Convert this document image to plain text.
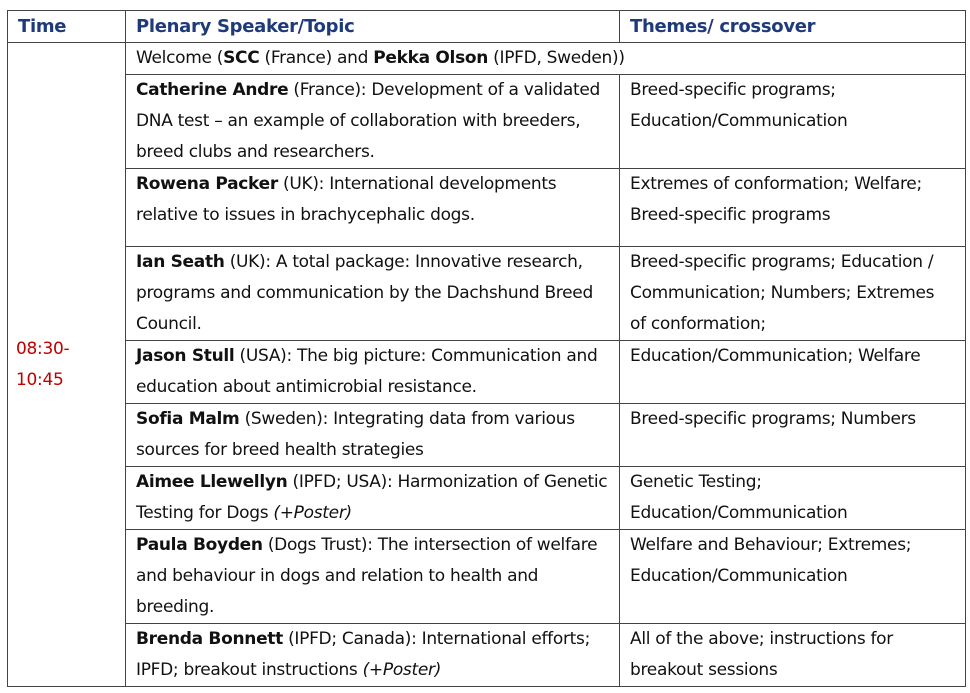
Time	Plenary Speaker/Topic	Themes/ crossover
08:30-
10:45	Welcome (SCC (France) and Pekka Olson (IPFD, Sweden))	
	Catherine Andre (France): Development of a validated DNA test – an example of collaboration with breeders, breed clubs and researchers.	Breed-specific programs; Education/Communication
	Rowena Packer (UK): International developments relative to issues in brachycephalic dogs.	Extremes of conformation; Welfare; Breed-specific programs
	Ian Seath (UK): A total package: Innovative research, programs and communication by the Dachshund Breed Council.	Breed-specific programs; Education / Communication; Numbers; Extremes of conformation;
	Jason Stull (USA): The big picture: Communication and education about antimicrobial resistance.	Education/Communication; Welfare
	Sofia Malm (Sweden): Integrating data from various sources for breed health strategies	Breed-specific programs; Numbers
	Aimee Llewellyn (IPFD; USA): Harmonization of Genetic Testing for Dogs (+Poster)	Genetic Testing; Education/Communication
	Paula Boyden (Dogs Trust): The intersection of welfare and behaviour in dogs and relation to health and breeding.	Welfare and Behaviour; Extremes; Education/Communication
	Brenda Bonnett (IPFD; Canada): International efforts; IPFD; breakout instructions (+Poster)	All of the above; instructions for breakout sessions
